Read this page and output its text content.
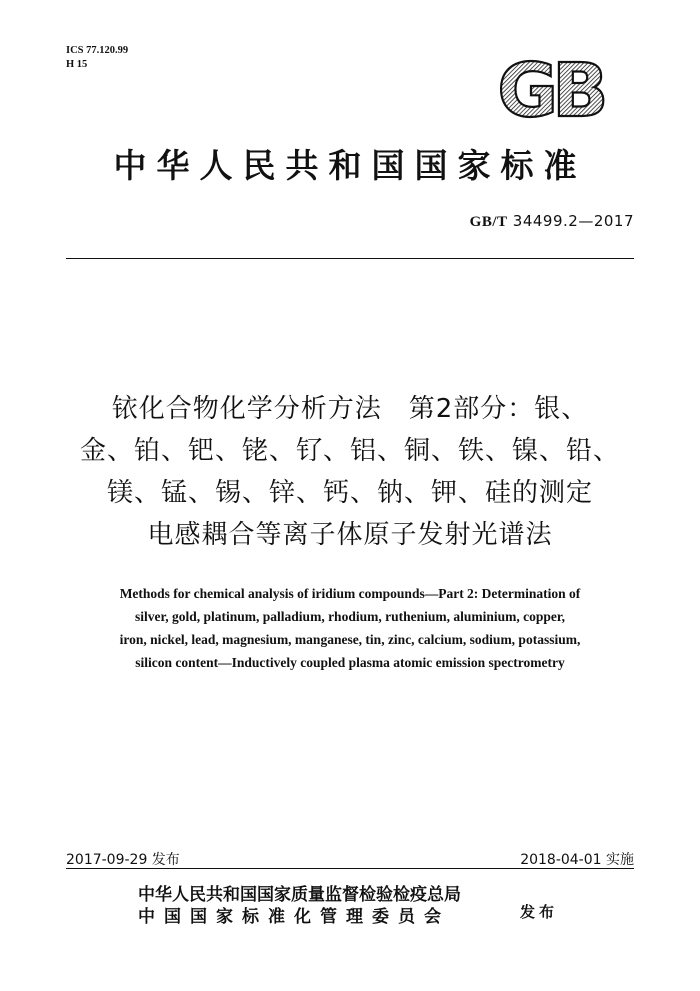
ICS 77.120.99
H 15	GB
中华人民共和国国家标准
GB/T 34499.2—2017
铱化合物化学分析方法　第2部分：银、
金、铂、钯、铑、钌、铝、铜、铁、镍、铅、
镁、锰、锡、锌、钙、钠、钾、硅的测定
电感耦合等离子体原子发射光谱法
Methods for chemical analysis of iridium compounds—Part 2: Determination of
silver, gold, platinum, palladium, rhodium, ruthenium, aluminium, copper,
iron, nickel, lead, magnesium, manganese, tin, zinc, calcium, sodium, potassium,
silicon content—Inductively coupled plasma atomic emission spectrometry
2017-09-29 发布	2018-04-01 实施
中华人民共和国国家质量监督检验检疫总局
中国国家标准化管理委员会	发布
